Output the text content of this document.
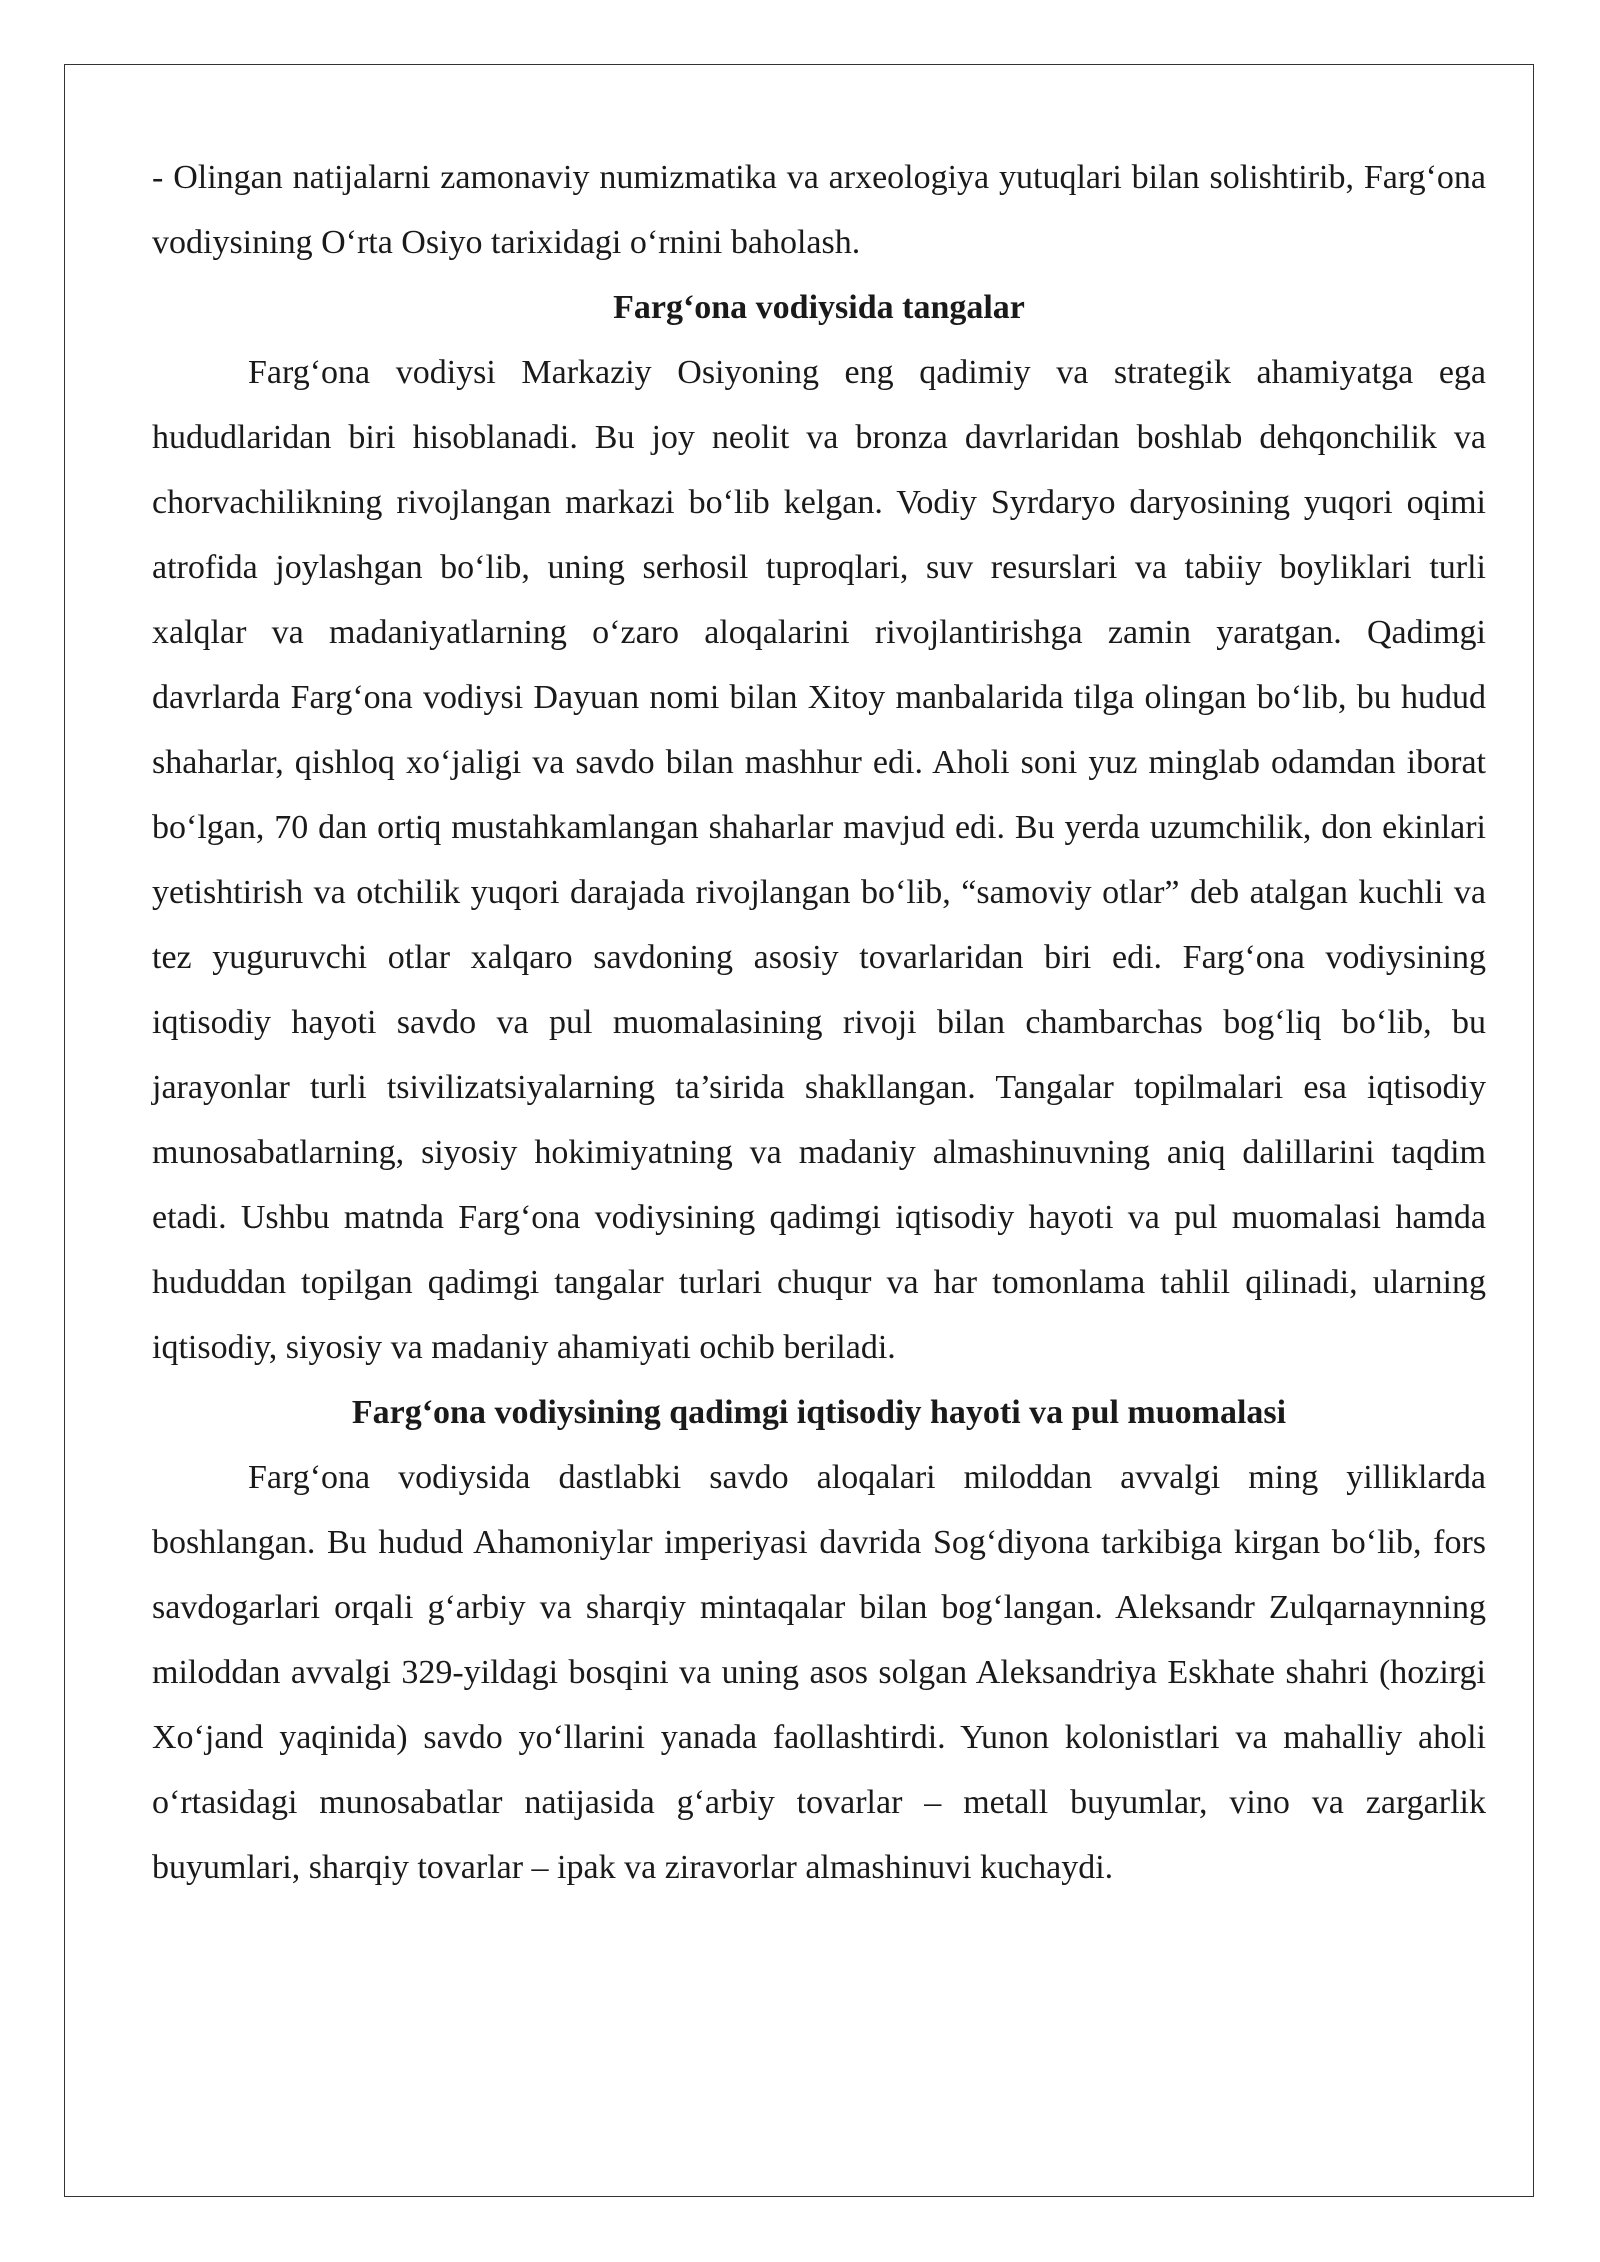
- Olingan natijalarni zamonaviy numizmatika va arxeologiya yutuqlari bilan solishtirib, Farg‘ona vodiysining O‘rta Osiyo tarixidagi o‘rnini baholash.

Farg‘ona vodiysida tangalar

Farg‘ona vodiysi Markaziy Osiyoning eng qadimiy va strategik ahamiyatga ega hududlaridan biri hisoblanadi. Bu joy neolit va bronza davrlaridan boshlab dehqonchilik va chorvachilikning rivojlangan markazi bo‘lib kelgan. Vodiy Syrdaryo daryosining yuqori oqimi atrofida joylashgan bo‘lib, uning serhosil tuproqlari, suv resurslari va tabiiy boyliklari turli xalqlar va madaniyatlarning o‘zaro aloqalarini rivojlantirishga zamin yaratgan. Qadimgi davrlarda Farg‘ona vodiysi Dayuan nomi bilan Xitoy manbalarida tilga olingan bo‘lib, bu hudud shaharlar, qishloq xo‘jaligi va savdo bilan mashhur edi. Aholi soni yuz minglab odamdan iborat bo‘lgan, 70 dan ortiq mustahkamlangan shaharlar mavjud edi. Bu yerda uzumchilik, don ekinlari yetishtirish va otchilik yuqori darajada rivojlangan bo‘lib, “samoviy otlar” deb atalgan kuchli va tez yuguruvchi otlar xalqaro savdoning asosiy tovarlaridan biri edi. Farg‘ona vodiysining iqtisodiy hayoti savdo va pul muomalasining rivoji bilan chambarchas bog‘liq bo‘lib, bu jarayonlar turli tsivilizatsiyalarning ta’sirida shakllangan. Tangalar topilmalari esa iqtisodiy munosabatlarning, siyosiy hokimiyatning va madaniy almashinuvning aniq dalillarini taqdim etadi. Ushbu matnda Farg‘ona vodiysining qadimgi iqtisodiy hayoti va pul muomalasi hamda hududdan topilgan qadimgi tangalar turlari chuqur va har tomonlama tahlil qilinadi, ularning iqtisodiy, siyosiy va madaniy ahamiyati ochib beriladi.

Farg‘ona vodiysining qadimgi iqtisodiy hayoti va pul muomalasi

Farg‘ona vodiysida dastlabki savdo aloqalari miloddan avvalgi ming yilliklarda boshlangan. Bu hudud Ahamoniylar imperiyasi davrida Sog‘diyona tarkibiga kirgan bo‘lib, fors savdogarlari orqali g‘arbiy va sharqiy mintaqalar bilan bog‘langan. Aleksandr Zulqarnaynning miloddan avvalgi 329-yildagi bosqini va uning asos solgan Aleksandriya Eskhate shahri (hozirgi Xo‘jand yaqinida) savdo yo‘llarini yanada faollashtirdi. Yunon kolonistlari va mahalliy aholi o‘rtasidagi munosabatlar natijasida g‘arbiy tovarlar – metall buyumlar, vino va zargarlik buyumlari, sharqiy tovarlar – ipak va ziravorlar almashinuvi kuchaydi.
